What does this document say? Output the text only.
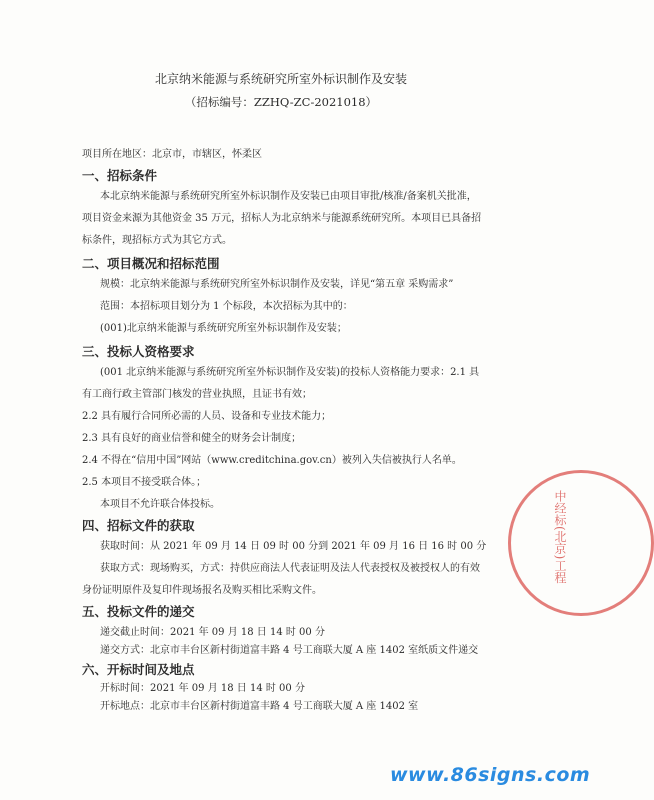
北京纳米能源与系统研究所室外标识制作及安装
（招标编号：ZZHQ-ZC-2021018）
项目所在地区：北京市，市辖区，怀柔区
一、招标条件
本北京纳米能源与系统研究所室外标识制作及安装已由项目审批/核准/备案机关批准，
项目资金来源为其他资金 35 万元，招标人为北京纳米与能源系统研究所。本项目已具备招
标条件，现招标方式为其它方式。
二、项目概况和招标范围
规模：北京纳米能源与系统研究所室外标识制作及安装，详见“第五章 采购需求”
范围：本招标项目划分为 1 个标段，本次招标为其中的：
(001)北京纳米能源与系统研究所室外标识制作及安装；
三、投标人资格要求
(001 北京纳米能源与系统研究所室外标识制作及安装)的投标人资格能力要求：2.1 具
有工商行政主管部门核发的营业执照，且证书有效；
2.2 具有履行合同所必需的人员、设备和专业技术能力；
2.3 具有良好的商业信誉和健全的财务会计制度；
2.4 不得在“信用中国”网站（www.creditchina.gov.cn）被列入失信被执行人名单。
2.5 本项目不接受联合体。；
本项目不允许联合体投标。
四、招标文件的获取
获取时间：从 2021 年 09 月 14 日 09 时 00 分到 2021 年 09 月 16 日 16 时 00 分
获取方式：现场购买，方式：持供应商法人代表证明及法人代表授权及被授权人的有效
身份证明原件及复印件现场报名及购买相比采购文件。
五、投标文件的递交
递交截止时间：2021 年 09 月 18 日 14 时 00 分
递交方式：北京市丰台区新村街道富丰路 4 号工商联大厦 A 座 1402 室纸质文件递交
六、开标时间及地点
开标时间：2021 年 09 月 18 日 14 时 00 分
开标地点：北京市丰台区新村街道富丰路 4 号工商联大厦 A 座 1402 室
中经标(北京)工程
www.86signs.com
